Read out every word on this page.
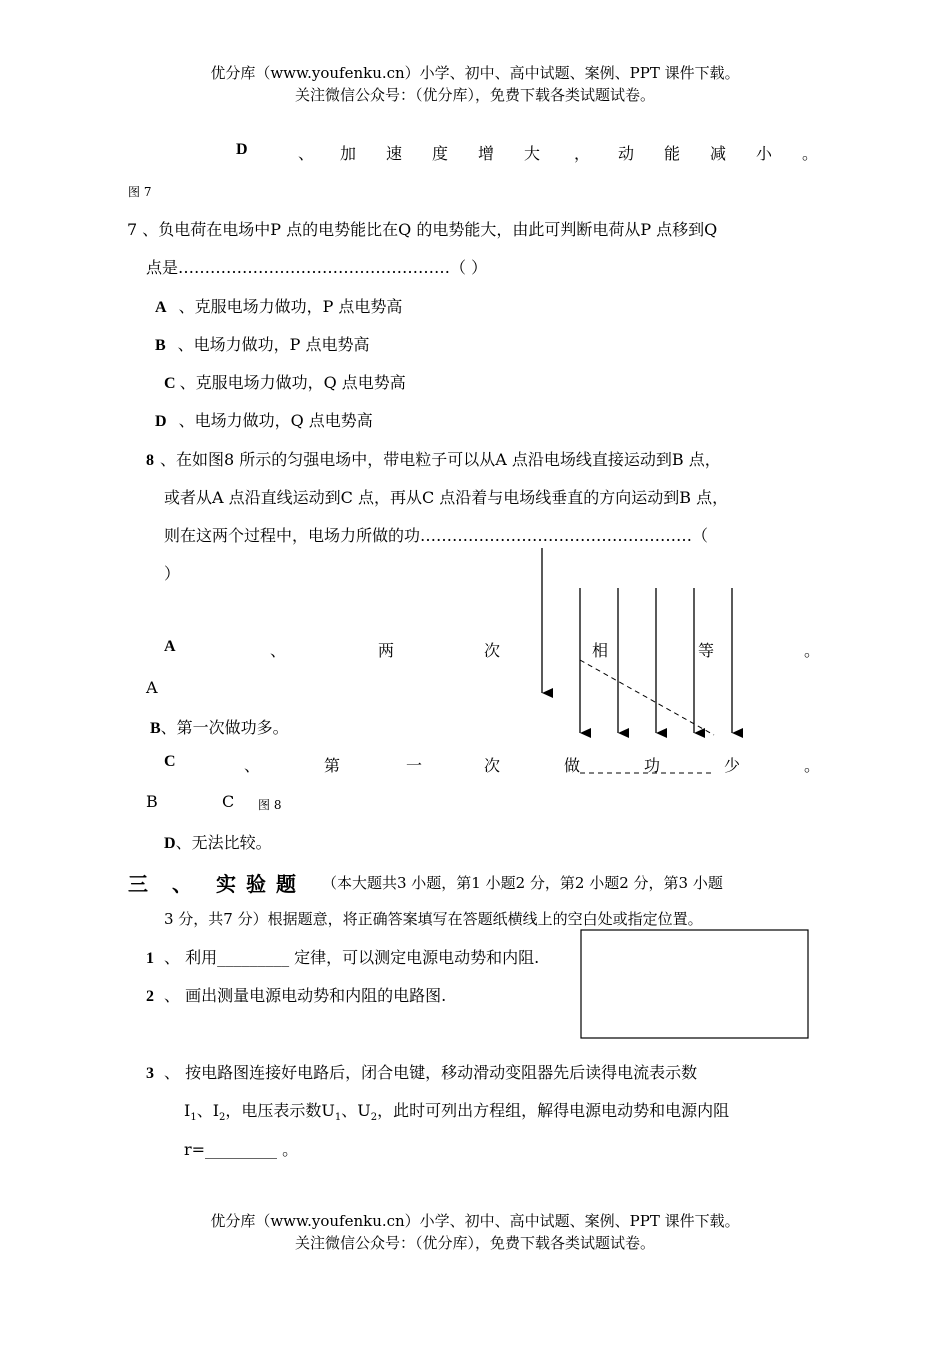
优分库（www.youfenku.cn）小学、初中、高中试题、案例、PPT 课件下载。
关注微信公众号：（优分库），免费下载各类试题试卷。
D	、 加 速 度 增 大 ， 动 能 减 小 。
图 7
7 、负电荷在电场中P 点的电势能比在Q 的电势能大，由此可判断电荷从P 点移到Q
点是……………………………………………（ ）
A 、克服电场力做功，P 点电势高
B 、电场力做功，P 点电势高
C 、克服电场力做功，Q 点电势高
D 、电场力做功，Q 点电势高
8 、在如图8 所示的匀强电场中，带电粒子可以从A 点沿电场线直接运动到B 点，
或者从A 点沿直线运动到C 点，再从C 点沿着与电场线垂直的方向运动到B 点，
则在这两个过程中，电场力所做的功……………………………………………（
）
A	、	两	次	相	等	。
A
B、第一次做功多。
C	、	第	一	次	做	功	少	。
B	C 图 8
D、无法比较。
三 、 实 验 题 （本大题共3 小题，第1 小题2 分，第2 小题2 分，第3 小题
3 分，共7 分）根据题意，将正确答案填写在答题纸横线上的空白处或指定位置。
1 、 利用_________ 定律，可以测定电源电动势和内阻.
2 、 画出测量电源电动势和内阻的电路图.
3 、 按电路图连接好电路后，闭合电键，移动滑动变阻器先后读得电流表示数
$I_1$、$I_2$，电压表示数$U_1$、$U_2$，此时可列出方程组，解得电源电动势和电源内阻
r=_________ 。
优分库（www.youfenku.cn）小学、初中、高中试题、案例、PPT 课件下载。
关注微信公众号：（优分库），免费下载各类试题试卷。
